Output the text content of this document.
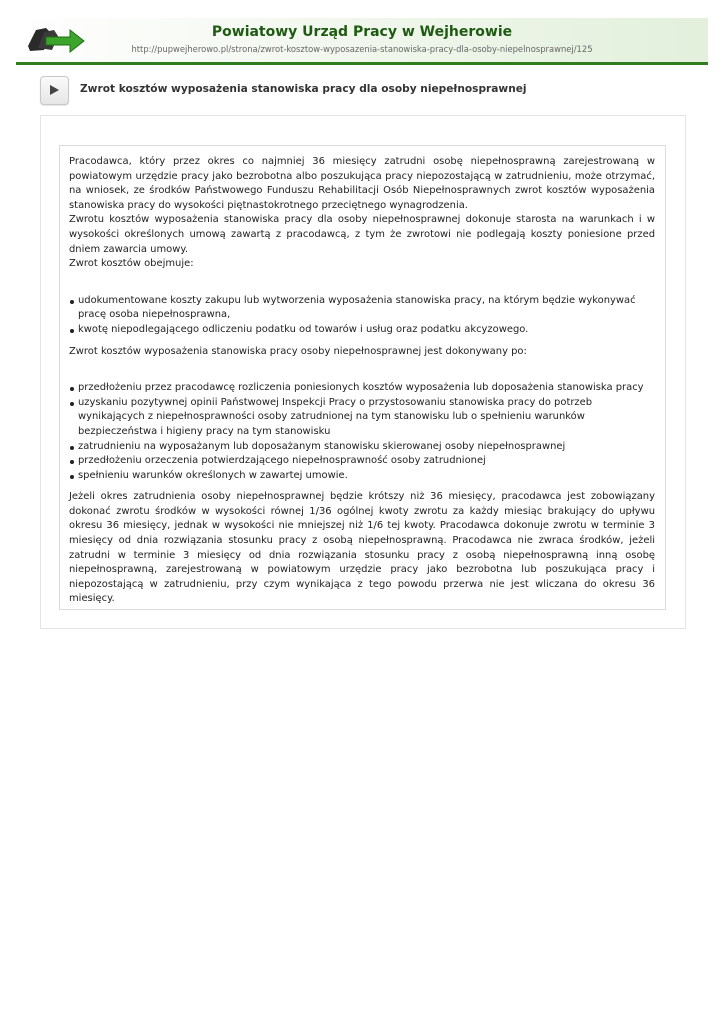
Powiatowy Urząd Pracy w Wejherowie
http://pupwejherowo.pl/strona/zwrot-kosztow-wyposazenia-stanowiska-pracy-dla-osoby-niepelnosprawnej/125
Zwrot kosztów wyposażenia stanowiska pracy dla osoby niepełnosprawnej

Pracodawca, który przez okres co najmniej 36 miesięcy zatrudni osobę niepełnosprawną zarejestrowaną w powiatowym urzędzie pracy jako bezrobotna albo poszukująca pracy niepozostającą w zatrudnieniu, może otrzymać, na wniosek, ze środków Państwowego Funduszu Rehabilitacji Osób Niepełnosprawnych zwrot kosztów wyposażenia stanowiska pracy do wysokości piętnastokrotnego przeciętnego wynagrodzenia.

Zwrotu kosztów wyposażenia stanowiska pracy dla osoby niepełnosprawnej dokonuje starosta na warunkach i w wysokości określonych umową zawartą z pracodawcą, z tym że zwrotowi nie podlegają koszty poniesione przed dniem zawarcia umowy.

Zwrot kosztów obejmuje:

udokumentowane koszty zakupu lub wytworzenia wyposażenia stanowiska pracy, na którym będzie wykonywać pracę osoba niepełnosprawna,
kwotę niepodlegającego odliczeniu podatku od towarów i usług oraz podatku akcyzowego.

Zwrot kosztów wyposażenia stanowiska pracy osoby niepełnosprawnej jest dokonywany po:

przedłożeniu przez pracodawcę rozliczenia poniesionych kosztów wyposażenia lub doposażenia stanowiska pracy
uzyskaniu pozytywnej opinii Państwowej Inspekcji Pracy o przystosowaniu stanowiska pracy do potrzeb wynikających z niepełnosprawności osoby zatrudnionej na tym stanowisku lub o spełnieniu warunków bezpieczeństwa i higieny pracy na tym stanowisku
zatrudnieniu na wyposażanym lub doposażanym stanowisku skierowanej osoby niepełnosprawnej
przedłożeniu orzeczenia potwierdzającego niepełnosprawność osoby zatrudnionej
spełnieniu warunków określonych w zawartej umowie.

Jeżeli okres zatrudnienia osoby niepełnosprawnej będzie krótszy niż 36 miesięcy, pracodawca jest zobowiązany dokonać zwrotu środków w wysokości równej 1/36 ogólnej kwoty zwrotu za każdy miesiąc brakujący do upływu okresu 36 miesięcy, jednak w wysokości nie mniejszej niż 1/6 tej kwoty. Pracodawca dokonuje zwrotu w terminie 3 miesięcy od dnia rozwiązania stosunku pracy z osobą niepełnosprawną. Pracodawca nie zwraca środków, jeżeli zatrudni w terminie 3 miesięcy od dnia rozwiązania stosunku pracy z osobą niepełnosprawną inną osobę niepełnosprawną, zarejestrowaną w powiatowym urzędzie pracy jako bezrobotna lub poszukująca pracy i niepozostającą w zatrudnieniu, przy czym wynikająca z tego powodu przerwa nie jest wliczana do okresu 36 miesięcy.
